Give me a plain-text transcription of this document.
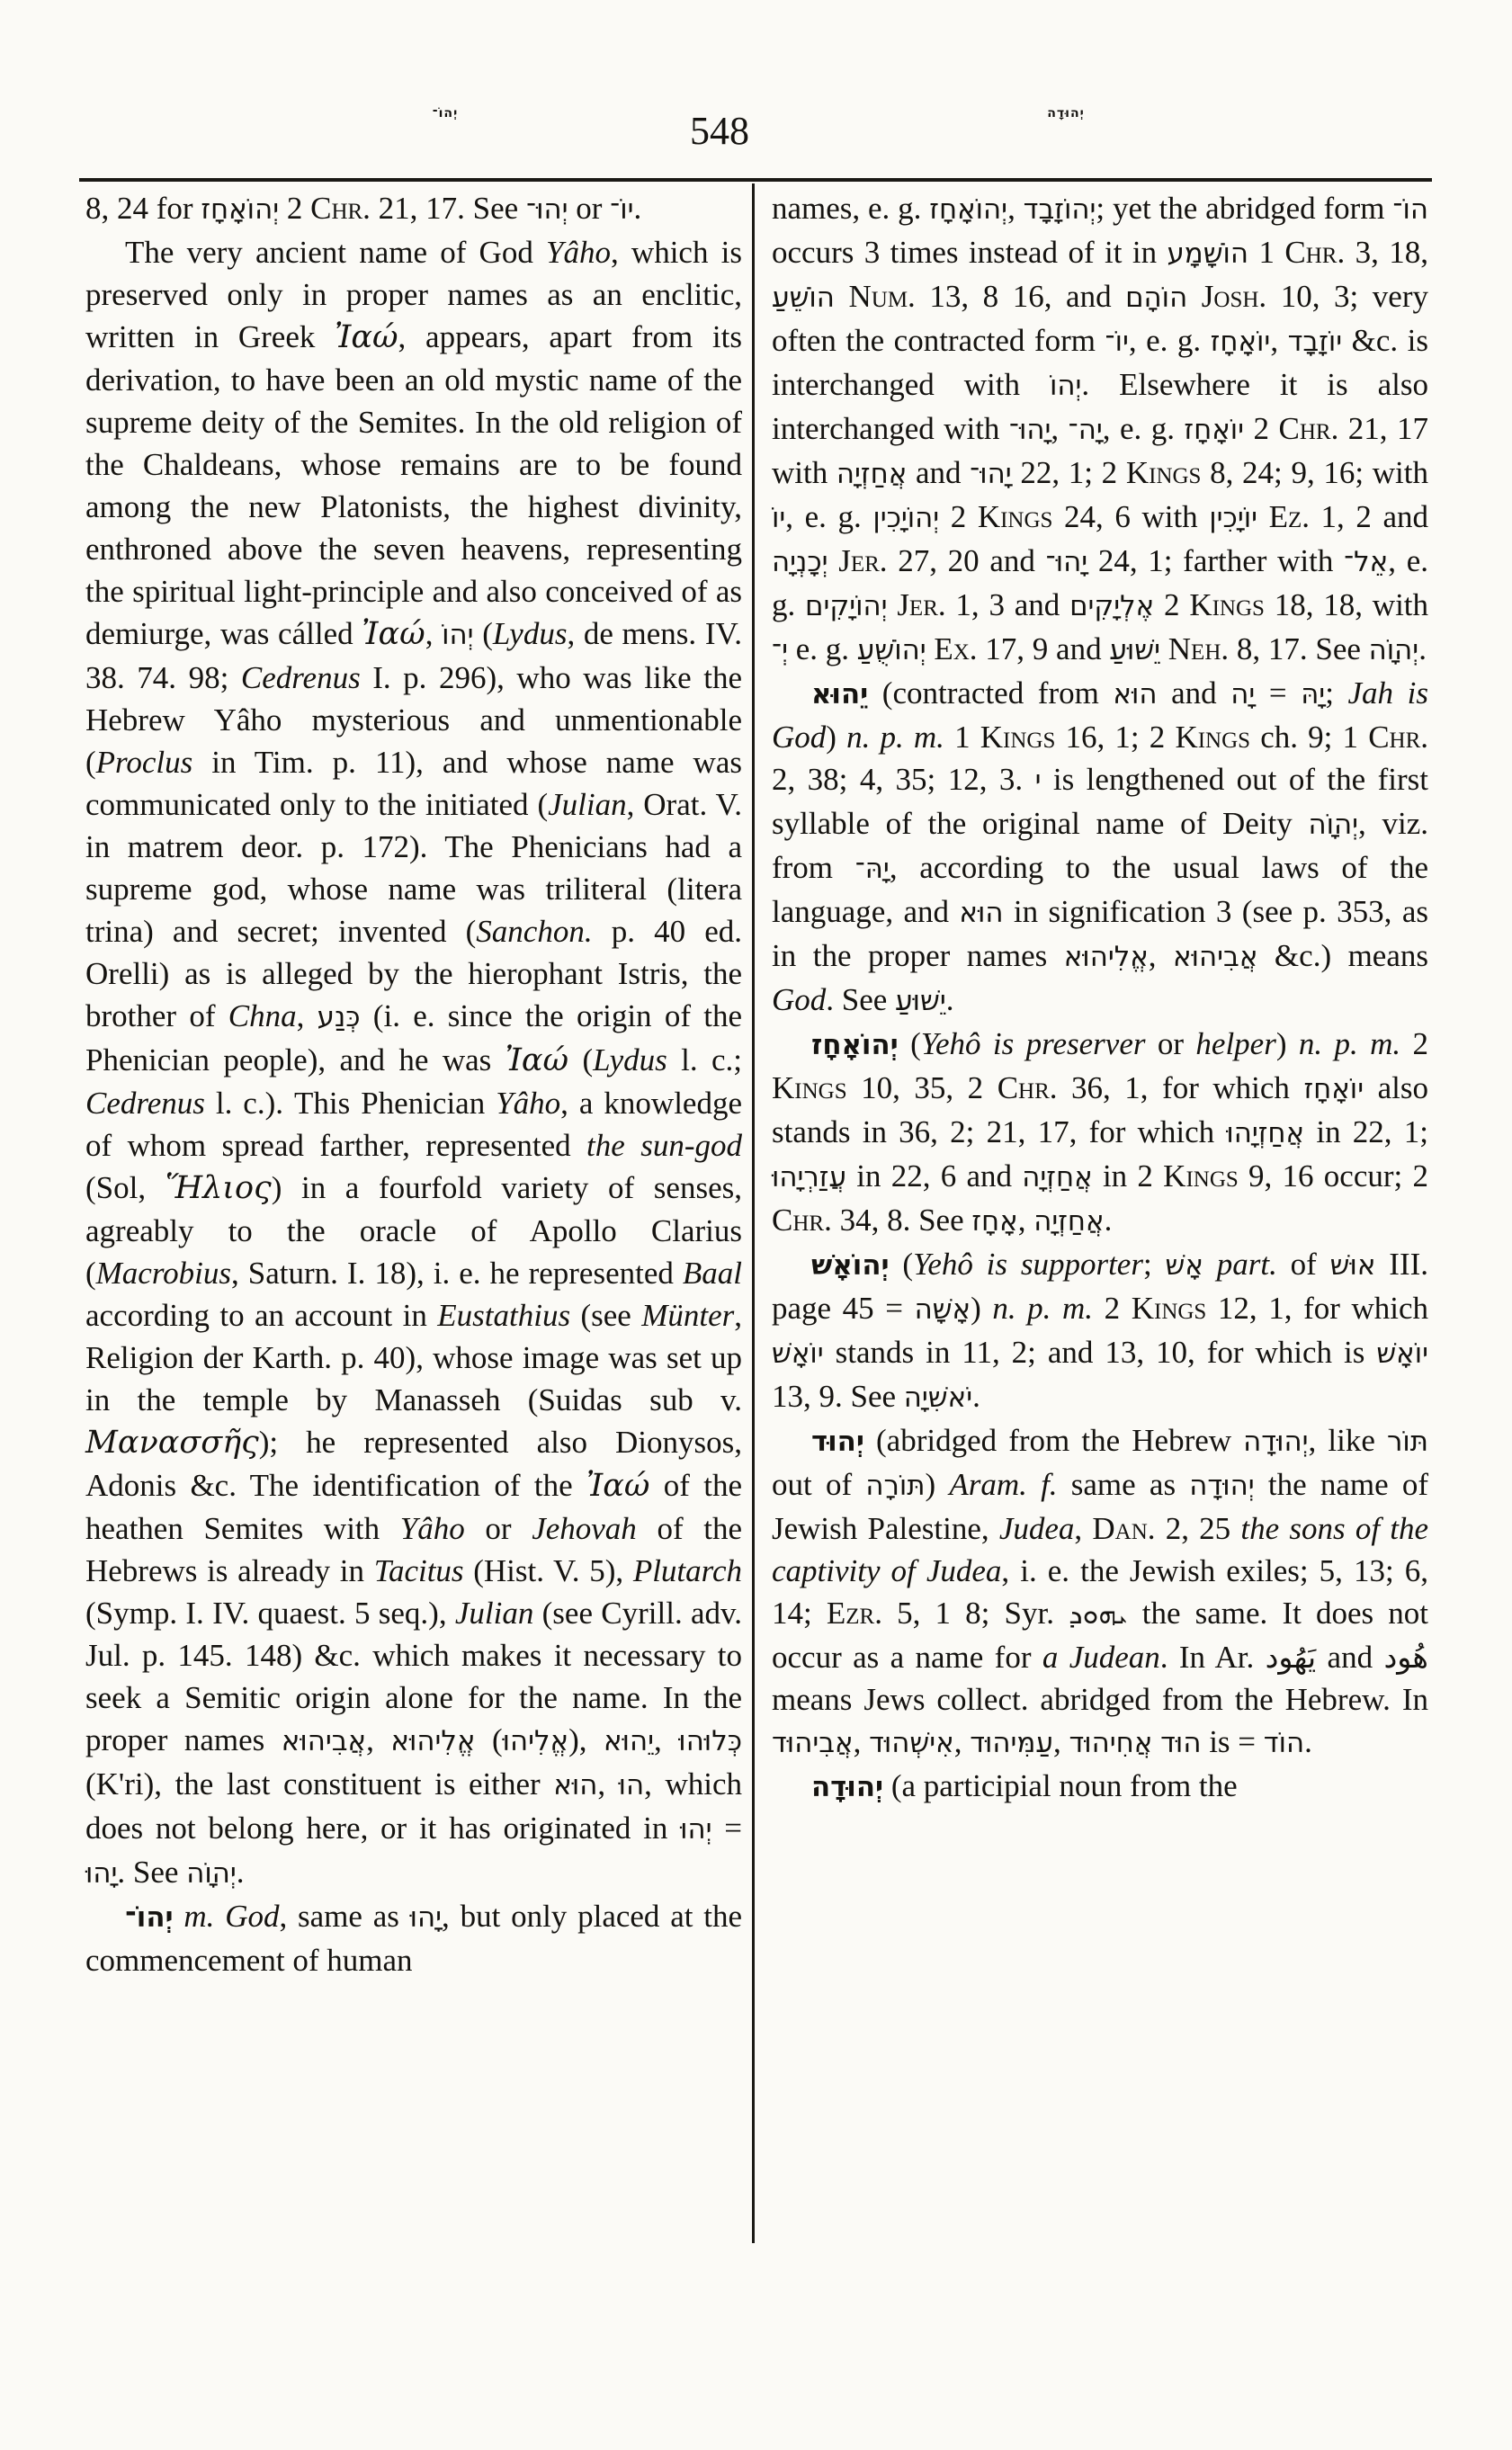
יְהוֹ־	548	יְהוּדָה

8, 24 for יְהוֹאָחָז 2 Chr. 21, 17. See יְהוּ־ or יוֹ־.

The very ancient name of God Yâho, which is preserved only in proper names as an enclitic, written in Greek Ἰαώ, appears, apart from its derivation, to have been an old mystic name of the supreme deity of the Semites. In the old religion of the Chaldeans, whose remains are to be found among the new Platonists, the highest divinity, enthroned above the seven heavens, representing the spiritual light-principle and also conceived of as demiurge, was cálled Ἰαώ, יְהוֹ (Lydus, de mens. IV. 38. 74. 98; Cedrenus I. p. 296), who was like the Hebrew Yâho mysterious and unmentionable (Proclus in Tim. p. 11), and whose name was communicated only to the initiated (Julian, Orat. V. in matrem deor. p. 172). The Phenicians had a supreme god, whose name was triliteral (litera trina) and secret; invented (Sanchon. p. 40 ed. Orelli) as is alleged by the hierophant Istris, the brother of Chna, כְּנַע (i. e. since the origin of the Phenician people), and he was Ἰαώ (Lydus l. c.; Cedrenus l. c.). This Phenician Yâho, a knowledge of whom spread farther, represented the sun-god (Sol, Ἥλιος) in a fourfold variety of senses, agreably to the oracle of Apollo Clarius (Macrobius, Saturn. I. 18), i. e. he represented Baal according to an account in Eustathius (see Münter, Religion der Karth. p. 40), whose image was set up in the temple by Manasseh (Suidas sub v. Μανασσῆς); he represented also Dionysos, Adonis &c. The identification of the Ἰαώ of the heathen Semites with Yâho or Jehovah of the Hebrews is already in Tacitus (Hist. V. 5), Plutarch (Symp. I. IV. quaest. 5 seq.), Julian (see Cyrill. adv. Jul. p. 145. 148) &c. which makes it necessary to seek a Semitic origin alone for the name. In the proper names אֲבִיהוּא, אֱלִיהוּא (אֱלִיהוּ), יֵהוּא, כְּלוּהוּ (K'ri), the last constituent is either הוּא, הוּ, which does not belong here, or it has originated in יְהוּ = יָהוּ. See יְהוָֹה.

יְהוֹ־ m. God, same as יָהוּ, but only placed at the commencement of human

names, e. g. יְהוֹאָחָז, יְהוֹזָבָד; yet the abridged form הוֹ־ occurs 3 times instead of it in הוֹשָׁמָע 1 Chr. 3, 18, הוֹשֵׁעַ Num. 13, 8 16, and הוֹהָם Josh. 10, 3; very often the contracted form יוֹ־, e. g. יוֹאָחָז, יוֹזָבָד &c. is interchanged with יְהוֹ. Elsewhere it is also interchanged with יָהוּ־, יָה־, e. g. יוֹאָחָז 2 Chr. 21, 17 with אֲחַזְיָה and יָהוּ־ 22, 1; 2 Kings 8, 24; 9, 16; with יוֹ, e. g. יְהוֹיָכִין 2 Kings 24, 6 with יוֹיָכִין Ez. 1, 2 and יְכָנְיָה Jer. 27, 20 and יָהוּ־ 24, 1; farther with אֵל־, e. g. יְהוֹיָקִים Jer. 1, 3 and אֶלְיָקִים 2 Kings 18, 18, with יְ־ e. g. יְהוֹשֻׁעַ Ex. 17, 9 and יֵשׁוּעַ Neh. 8, 17. See יְהוָֹה.

יֵהוּא (contracted from הוּא and יָה = יָהּ; Jah is God) n. p. m. 1 Kings 16, 1; 2 Kings ch. 9; 1 Chr. 2, 38; 4, 35; 12, 3. י is lengthened out of the first syllable of the original name of Deity יְהוָֹה, viz. from יָהּ־, according to the usual laws of the language, and הוּא in signification 3 (see p. 353, as in the proper names אֱלִיהוּא, אֲבִיהוּא &c.) means God. See יֵשׁוּעַ.

יְהוֹאָחָז (Yehô is preserver or helper) n. p. m. 2 Kings 10, 35, 2 Chr. 36, 1, for which יוֹאָחָז also stands in 36, 2; 21, 17, for which אֲחַזְיָהוּ in 22, 1; עֲזַרְיָהוּ in 22, 6 and אֲחַזְיָה in 2 Kings 9, 16 occur; 2 Chr. 34, 8. See אָחָז, אֲחַזְיָה.

יְהוֹאָשׁ (Yehô is supporter; אָשׁ part. of אוּשׁ III. page 45 = אָשָׁה) n. p. m. 2 Kings 12, 1, for which יוֹאָשׁ stands in 11, 2; and 13, 10, for which is יוֹאָשׁ 13, 9. See יֹאשִׁיָה.

יְהוּד (abridged from the Hebrew יְהוּדָה, like תּוֹר out of תּוֹרָה) Aram. f. same as יְהוּדָה the name of Jewish Palestine, Judea, Dan. 2, 25 the sons of the captivity of Judea, i. e. the Jewish exiles; 5, 13; 6, 14; Ezr. 5, 1 8; Syr. ܝܗܘܕ the same. It does not occur as a name for a Judean. In Ar. يَهُود and هُود means Jews collect. abridged from the Hebrew. In אֲבִיהוּד, אִישְׁהוּד, עַמִּיהוּד, אֲחִיהוּד הוּד is = הוֹד.

יְהוּדָה (a participial noun from the
